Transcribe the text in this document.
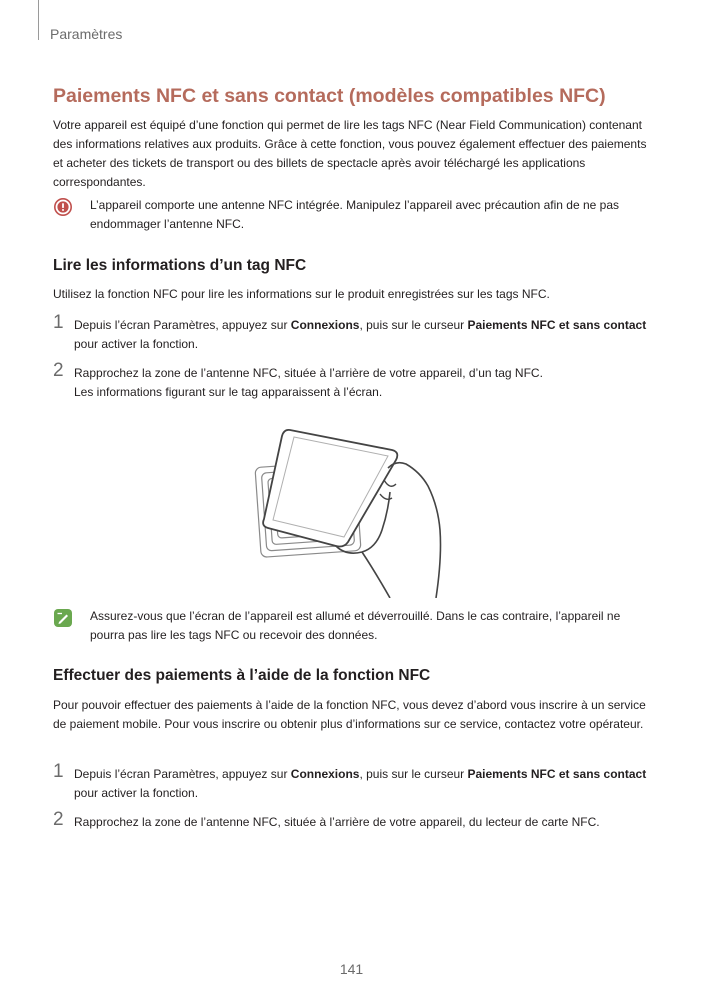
Paramètres
Paiements NFC et sans contact (modèles compatibles NFC)

Votre appareil est équipé d’une fonction qui permet de lire les tags NFC (Near Field Communication) contenant des informations relatives aux produits. Grâce à cette fonction, vous pouvez également effectuer des paiements et acheter des tickets de transport ou des billets de spectacle après avoir téléchargé les applications correspondantes.

L’appareil comporte une antenne NFC intégrée. Manipulez l’appareil avec précaution afin de ne pas endommager l’antenne NFC.

Lire les informations d’un tag NFC

Utilisez la fonction NFC pour lire les informations sur le produit enregistrées sur les tags NFC.

1 Depuis l’écran Paramètres, appuyez sur Connexions, puis sur le curseur Paiements NFC et sans contact pour activer la fonction.

2 Rapprochez la zone de l’antenne NFC, située à l’arrière de votre appareil, d’un tag NFC.
Les informations figurant sur le tag apparaissent à l’écran.

Assurez-vous que l’écran de l’appareil est allumé et déverrouillé. Dans le cas contraire, l’appareil ne pourra pas lire les tags NFC ou recevoir des données.

Effectuer des paiements à l’aide de la fonction NFC

Pour pouvoir effectuer des paiements à l’aide de la fonction NFC, vous devez d’abord vous inscrire à un service de paiement mobile. Pour vous inscrire ou obtenir plus d’informations sur ce service, contactez votre opérateur.

1 Depuis l’écran Paramètres, appuyez sur Connexions, puis sur le curseur Paiements NFC et sans contact pour activer la fonction.

2 Rapprochez la zone de l’antenne NFC, située à l’arrière de votre appareil, du lecteur de carte NFC.

141
